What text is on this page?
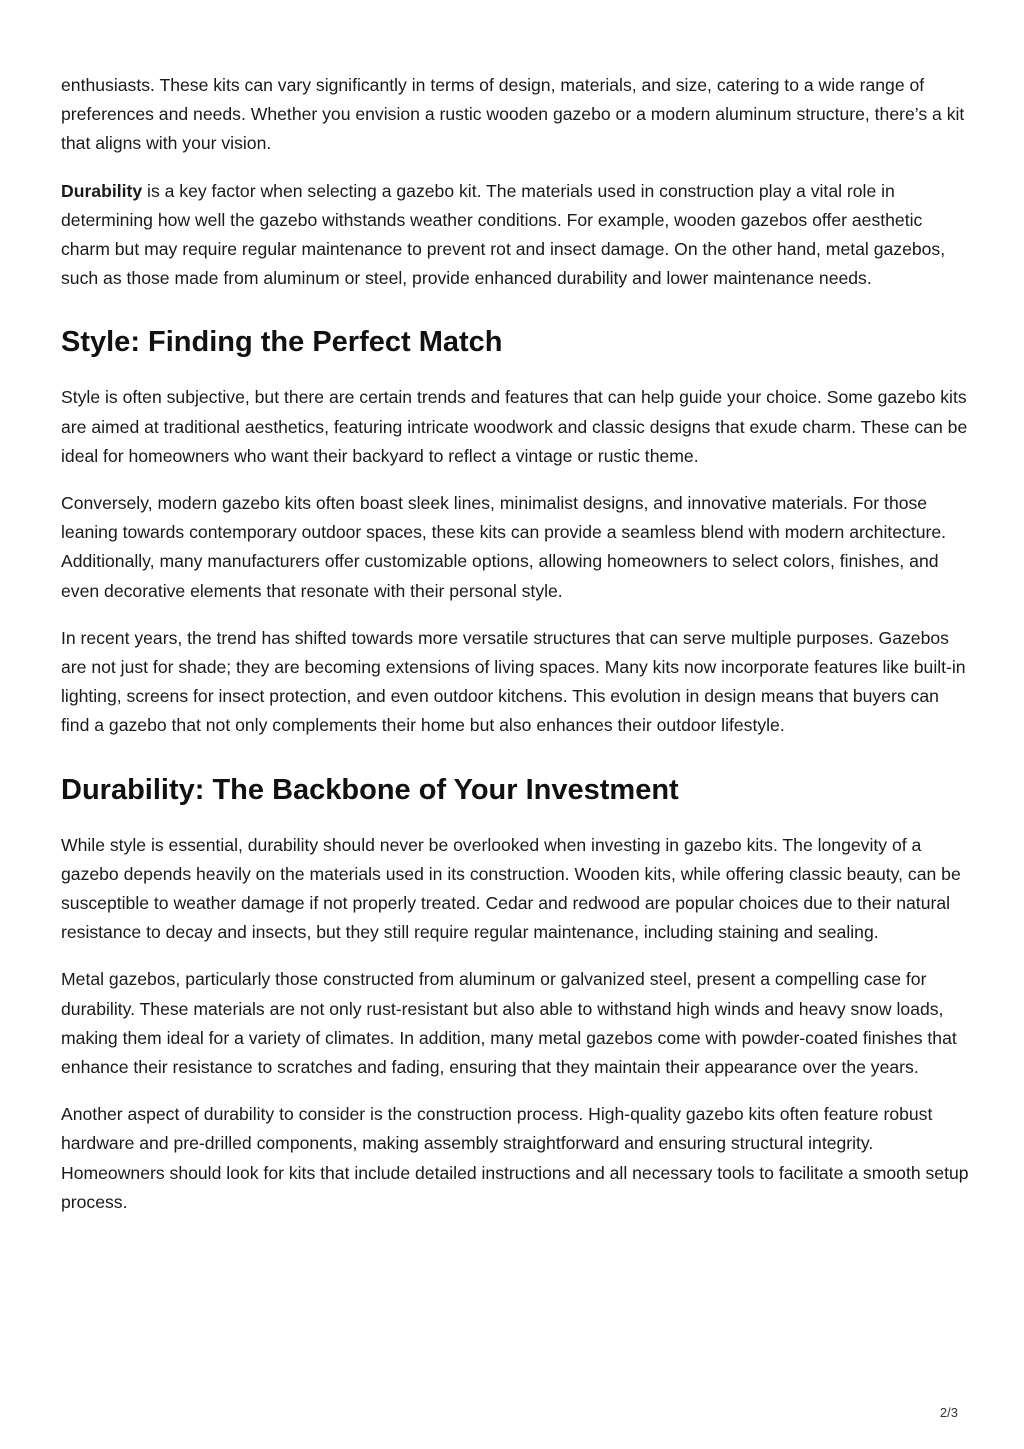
enthusiasts. These kits can vary significantly in terms of design, materials, and size, catering to a wide range of preferences and needs. Whether you envision a rustic wooden gazebo or a modern aluminum structure, there’s a kit that aligns with your vision.

Durability is a key factor when selecting a gazebo kit. The materials used in construction play a vital role in determining how well the gazebo withstands weather conditions. For example, wooden gazebos offer aesthetic charm but may require regular maintenance to prevent rot and insect damage. On the other hand, metal gazebos, such as those made from aluminum or steel, provide enhanced durability and lower maintenance needs.

Style: Finding the Perfect Match

Style is often subjective, but there are certain trends and features that can help guide your choice. Some gazebo kits are aimed at traditional aesthetics, featuring intricate woodwork and classic designs that exude charm. These can be ideal for homeowners who want their backyard to reflect a vintage or rustic theme.

Conversely, modern gazebo kits often boast sleek lines, minimalist designs, and innovative materials. For those leaning towards contemporary outdoor spaces, these kits can provide a seamless blend with modern architecture. Additionally, many manufacturers offer customizable options, allowing homeowners to select colors, finishes, and even decorative elements that resonate with their personal style.

In recent years, the trend has shifted towards more versatile structures that can serve multiple purposes. Gazebos are not just for shade; they are becoming extensions of living spaces. Many kits now incorporate features like built-in lighting, screens for insect protection, and even outdoor kitchens. This evolution in design means that buyers can find a gazebo that not only complements their home but also enhances their outdoor lifestyle.

Durability: The Backbone of Your Investment

While style is essential, durability should never be overlooked when investing in gazebo kits. The longevity of a gazebo depends heavily on the materials used in its construction. Wooden kits, while offering classic beauty, can be susceptible to weather damage if not properly treated. Cedar and redwood are popular choices due to their natural resistance to decay and insects, but they still require regular maintenance, including staining and sealing.

Metal gazebos, particularly those constructed from aluminum or galvanized steel, present a compelling case for durability. These materials are not only rust-resistant but also able to withstand high winds and heavy snow loads, making them ideal for a variety of climates. In addition, many metal gazebos come with powder-coated finishes that enhance their resistance to scratches and fading, ensuring that they maintain their appearance over the years.

Another aspect of durability to consider is the construction process. High-quality gazebo kits often feature robust hardware and pre-drilled components, making assembly straightforward and ensuring structural integrity. Homeowners should look for kits that include detailed instructions and all necessary tools to facilitate a smooth setup process.

2/3
